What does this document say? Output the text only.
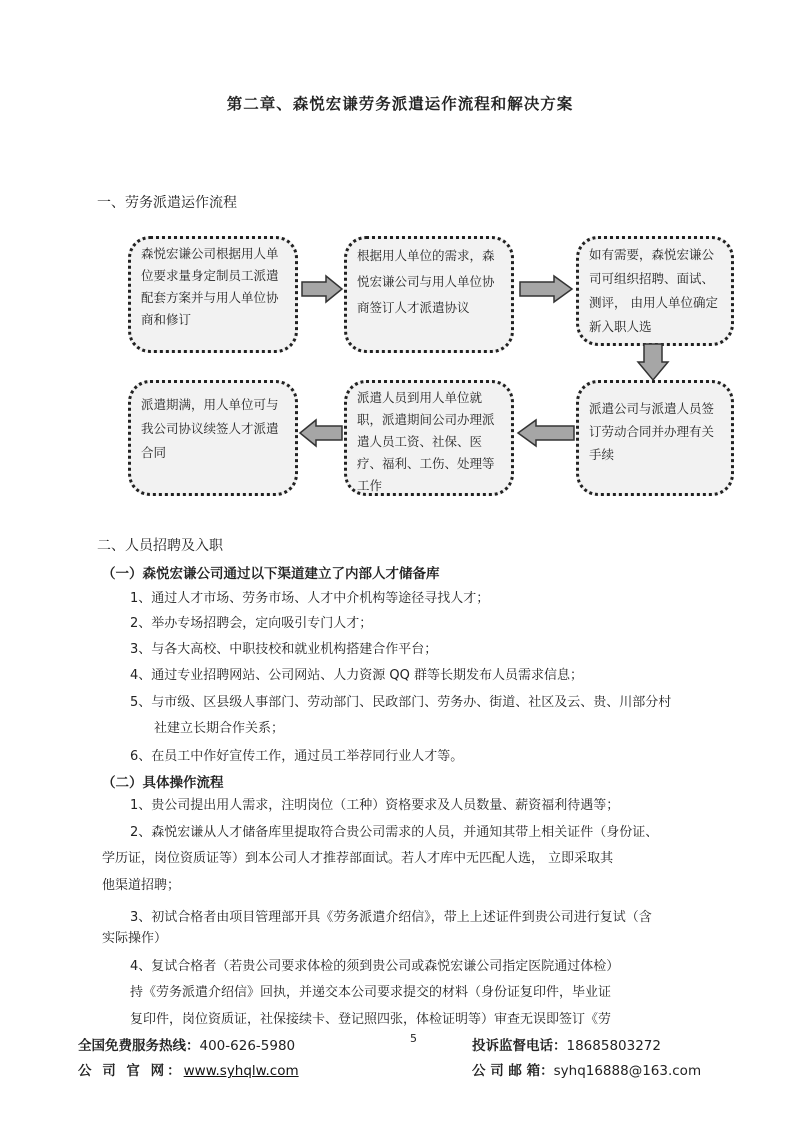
第二章、森悦宏谦劳务派遣运作流程和解决方案
一、劳务派遣运作流程
森悦宏谦公司根据用人单位要求量身定制员工派遣配套方案并与用人单位协商和修订
根据用人单位的需求，森悦宏谦公司与用人单位协商签订人才派遣协议
如有需要，森悦宏谦公司可组织招聘、面试、测评， 由用人单位确定新入职人选
派遣公司与派遣人员签订劳动合同并办理有关手续
派遣人员到用人单位就职，派遣期间公司办理派遣人员工资、社保、医疗、福利、工伤、处理等工作
派遣期满，用人单位可与我公司协议续签人才派遣合同
二、人员招聘及入职
（一）森悦宏谦公司通过以下渠道建立了内部人才储备库
1、通过人才市场、劳务市场、人才中介机构等途径寻找人才；
2、举办专场招聘会，定向吸引专门人才；
3、与各大高校、中职技校和就业机构搭建合作平台；
4、通过专业招聘网站、公司网站、人力资源 QQ 群等长期发布人员需求信息；
5、与市级、区县级人事部门、劳动部门、民政部门、劳务办、街道、社区及云、贵、川部分村
社建立长期合作关系；
6、在员工中作好宣传工作，通过员工举荐同行业人才等。
（二）具体操作流程
1、贵公司提出用人需求，注明岗位（工种）资格要求及人员数量、薪资福利待遇等；
2、森悦宏谦从人才储备库里提取符合贵公司需求的人员，并通知其带上相关证件（身份证、
学历证，岗位资质证等）到本公司人才推荐部面试。若人才库中无匹配人选， 立即采取其
他渠道招聘；
3、初试合格者由项目管理部开具《劳务派遣介绍信》，带上上述证件到贵公司进行复试（含
实际操作）
4、复试合格者（若贵公司要求体检的须到贵公司或森悦宏谦公司指定医院通过体检）
持《劳务派遣介绍信》回执，并递交本公司要求提交的材料（身份证复印件，毕业证
复印件，岗位资质证，社保接续卡、登记照四张，体检证明等）审查无误即签订《劳
全国免费服务热线：400-626-5980	5	投诉监督电话：18685803272
公 司 官 网：www.syhqlw.com	公 司 邮 箱：syhq16888@163.com
